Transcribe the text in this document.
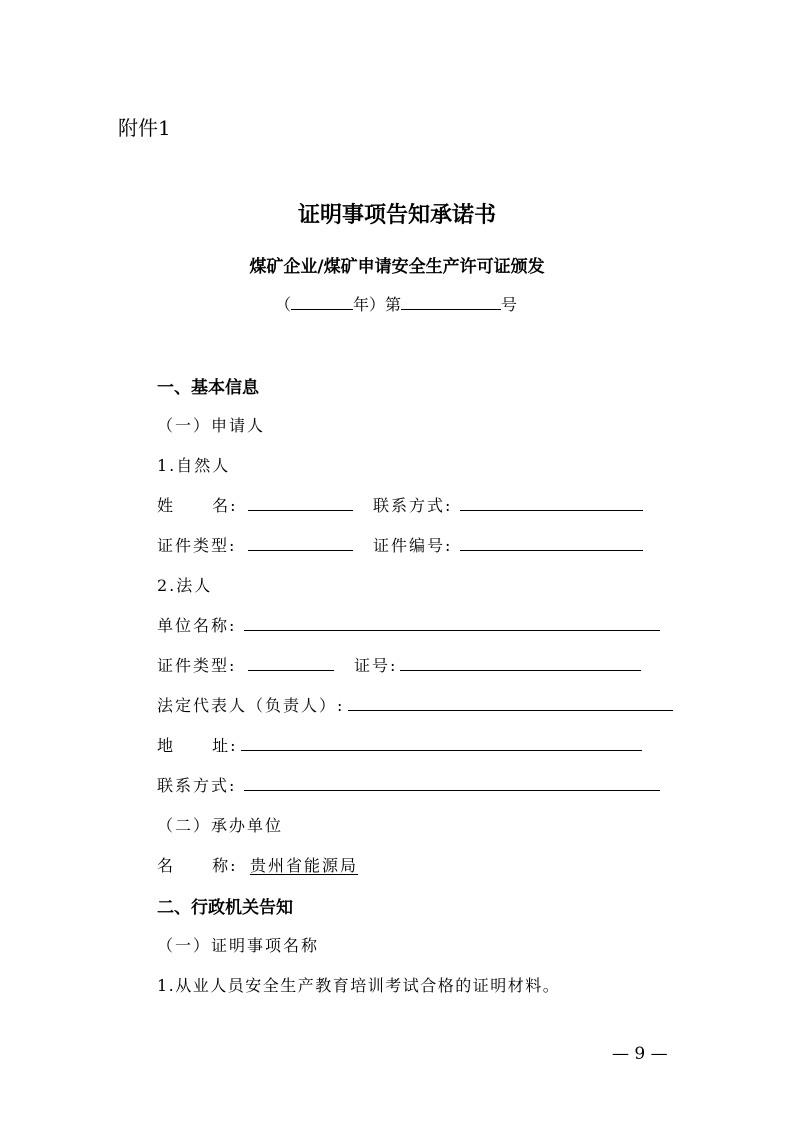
附件1
证明事项告知承诺书
煤矿企业/煤矿申请安全生产许可证颁发
（	年）第	号
一、基本信息
（一）申请人
1.自然人
姓 名:	联系方式:
证件类型:	证件编号:
2.法人
单位名称:
证件类型:	证号:
法定代表人（负责人）:
地 址:
联系方式:
（二）承办单位
名 称: 贵州省能源局
二、行政机关告知
（一）证明事项名称
1.从业人员安全生产教育培训考试合格的证明材料。
— 9 —
